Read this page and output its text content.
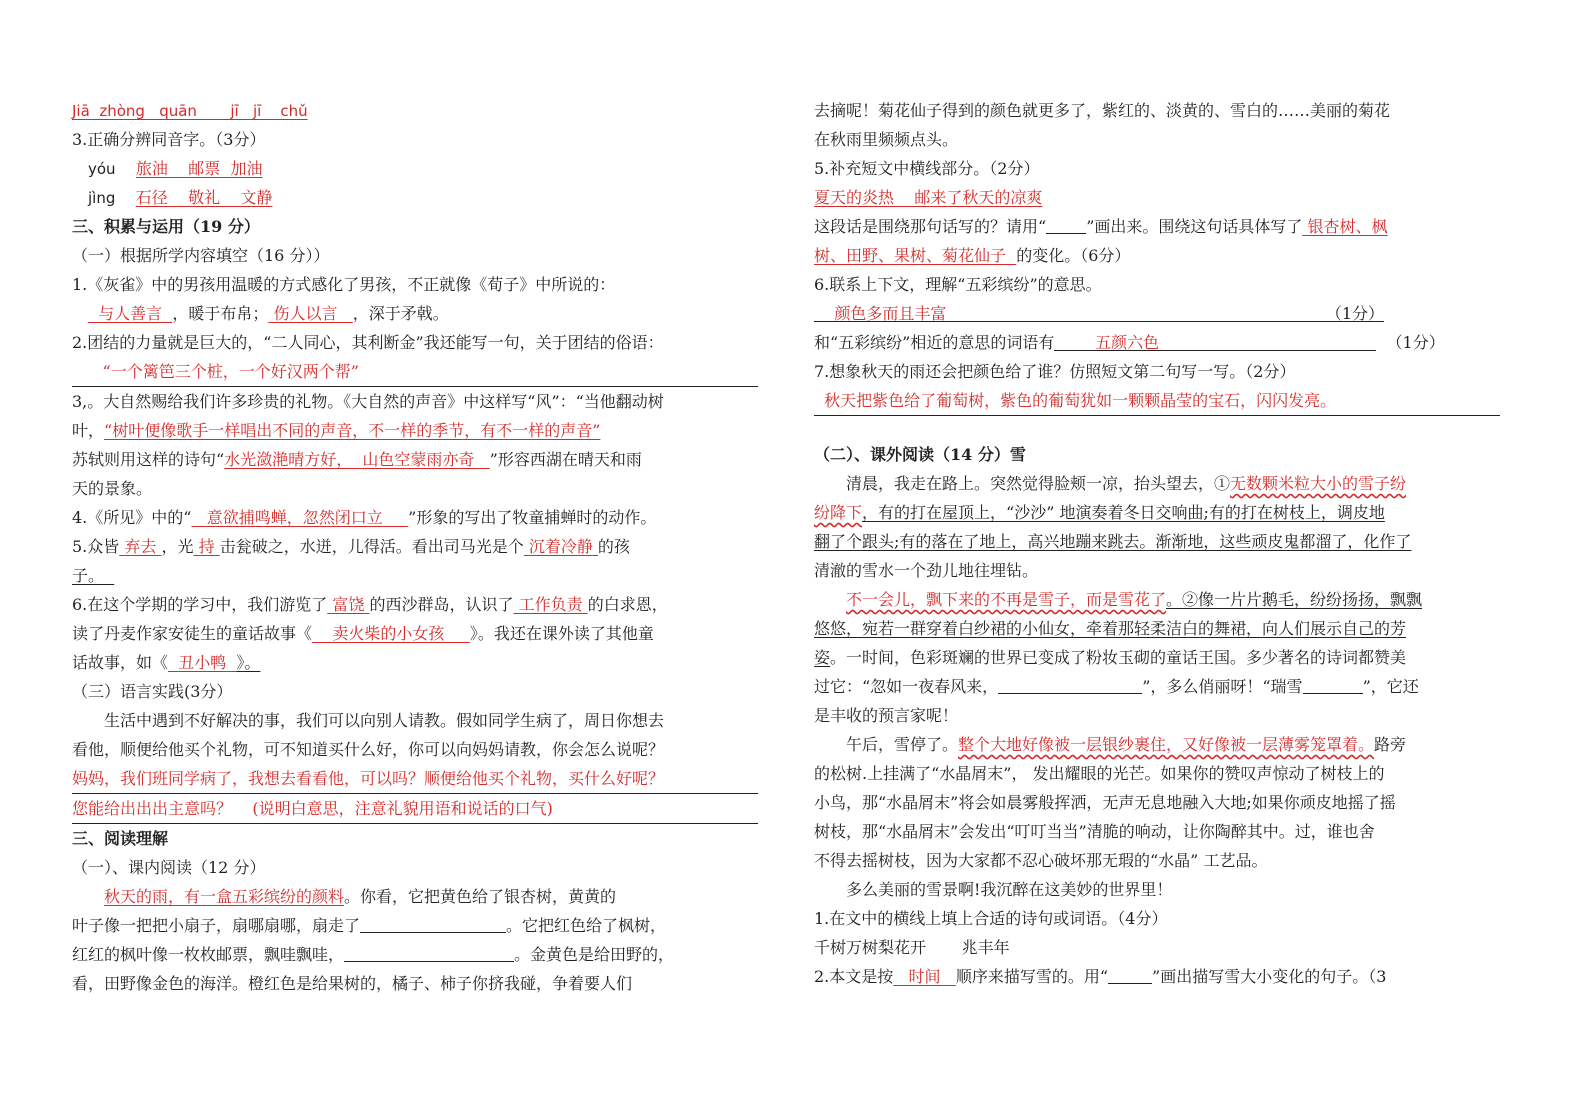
Jiā  zhòng   quān       jī   jī    chǔ
3.正确分辨同音字。（3分）
yóu 旅油    邮票  加油
jìng 石径    敬礼    文静
三、积累与运用（19 分）
（一）根据所学内容填空（16 分））
1.《灰雀》中的男孩用温暖的方式感化了男孩，不正就像《荀子》中所说的：
与人善言 ，暖于布帛； 伤人以言 ，深于矛戟。
2.团结的力量就是巨大的，“二人同心，其利断金”我还能写一句，关于团结的俗语：
“一个篱笆三个桩，一个好汉两个帮”
3,。大自然赐给我们许多珍贵的礼物。《大自然的声音》中这样写“风”：“当他翻动树
叶，“树叶便像歌手一样唱出不同的声音，不一样的季节，有不一样的声音”
苏轼则用这样的诗句“水光潋滟晴方好，  山色空蒙雨亦奇 ”形容西湖在晴天和雨
天的景象。
4.《所见》中的“ 意欲捕鸣蝉，忽然闭口立 ”形象的写出了牧童捕蝉时的动作。
5.众皆 弃去 ，光 持 击瓮破之，水迸，儿得活。看出司马光是个 沉着冷静 的孩
子。
6.在这个学期的学习中，我们游览了 富饶 的西沙群岛，认识了 工作负责 的白求恩，
读了丹麦作家安徒生的童话故事《 卖火柴的小女孩 》。我还在课外读了其他童
话故事，如《 丑小鸭 》。
（三）语言实践(3分）
生活中遇到不好解决的事，我们可以向别人请教。假如同学生病了，周日你想去
看他，顺便给他买个礼物，可不知道买什么好，你可以向妈妈请教，你会怎么说呢？
妈妈，我们班同学病了，我想去看看他，可以吗？顺便给他买个礼物，买什么好呢？
您能给出出出主意吗？    (说明白意思，注意礼貌用语和说话的口气)
三、阅读理解
（一）、课内阅读（12 分）
秋天的雨，有一盒五彩缤纷的颜料。你看，它把黄色给了银杏树，黄黄的
叶子像一把把小扇子，扇哪扇哪，扇走了	。它把红色给了枫树，
红红的枫叶像一枚枚邮票，飘哇飘哇，	。金黄色是给田野的，
看，田野像金色的海洋。橙红色是给果树的，橘子、柿子你挤我碰，争着要人们
去摘呢！菊花仙子得到的颜色就更多了，紫红的、淡黄的、雪白的……美丽的菊花
在秋雨里频频点头。
5.补充短文中横线部分。（2分）
夏天的炎热    邮来了秋天的凉爽
这段话是围绕那句话写的？请用“	”画出来。围绕这句话具体写了 银杏树、枫
树、田野、果树、菊花仙子 的变化。（6分）
6.联系上下文，理解“五彩缤纷”的意思。
颜色多而且丰富	（1分）
和“五彩缤纷”相近的意思的词语有	五颜六色	（1分）
7.想象秋天的雨还会把颜色给了谁？仿照短文第二句写一写。（2分）
秋天把紫色给了葡萄树，紫色的葡萄犹如一颗颗晶莹的宝石，闪闪发亮。
（二）、课外阅读（14 分）雪
清晨，我走在路上。突然觉得脸颊一凉，抬头望去，①无数颗米粒大小的雪子纷
纷降下，有的打在屋顶上，“沙沙” 地演奏着冬日交响曲;有的打在树枝上，调皮地
翻了个跟头;有的落在了地上，高兴地蹦来跳去。渐渐地，这些顽皮鬼都溜了，化作了
清澈的雪水一个劲儿地往埋钻。
不一会儿，飘下来的不再是雪子，而是雪花了。②像一片片鹅毛，纷纷扬扬，飘飘
悠悠，宛若一群穿着白纱裙的小仙女，牵着那轻柔洁白的舞裙，向人们展示自己的芳
姿。一时间，色彩斑斓的世界已变成了粉妆玉砌的童话王国。多少著名的诗词都赞美
过它：“忽如一夜春风来，	”，多么俏丽呀！“瑞雪	”，它还
是丰收的预言家呢！
午后，雪停了。整个大地好像被一层银纱裹住，又好像被一层薄雾笼罩着。路旁
的松树.上挂满了“水晶屑末”， 发出耀眼的光芒。如果你的赞叹声惊动了树枝上的
小鸟，那“水晶屑末”将会如晨雾般挥洒，无声无息地融入大地;如果你顽皮地摇了摇
树枝，那“水晶屑末”会发出“叮叮当当”清脆的响动，让你陶醉其中。过，谁也舍
不得去摇树枝，因为大家都不忍心破坏那无瑕的“水晶” 工艺品。
多么美丽的雪景啊!我沉醉在这美妙的世界里！
1.在文中的横线上填上合适的诗句或词语。（4分）
千树万树梨花开       兆丰年
2.本文是按 时间 顺序来描写雪的。用“	”画出描写雪大小变化的句子。（3
